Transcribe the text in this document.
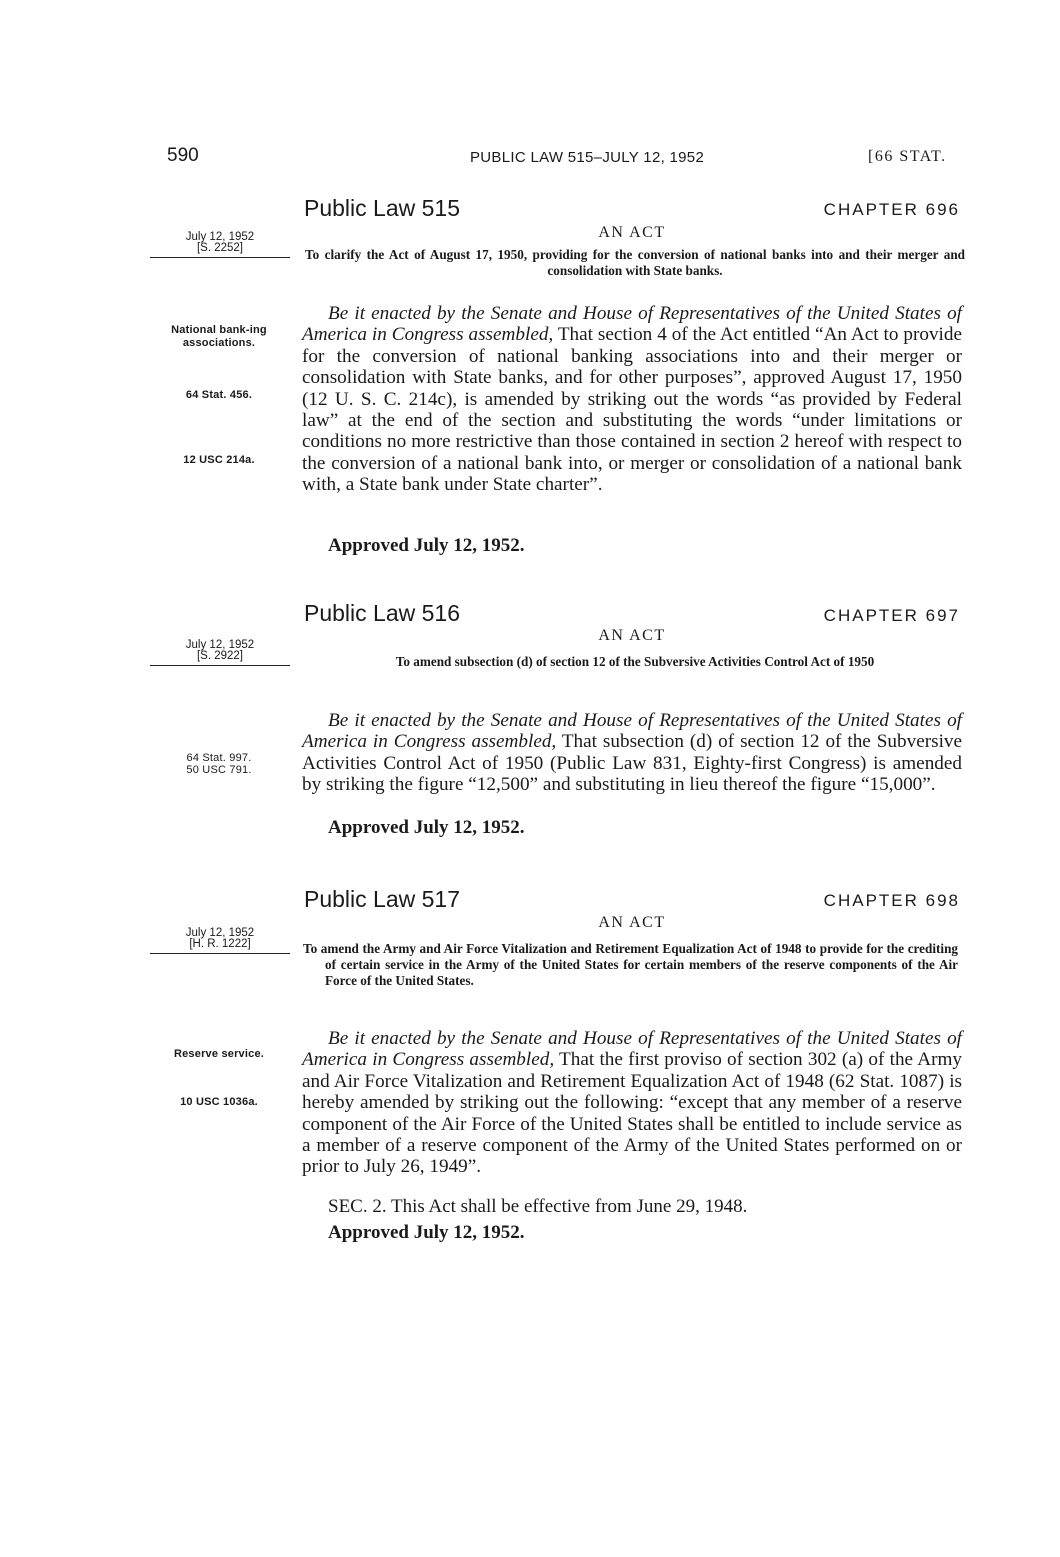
590	PUBLIC LAW 515–JULY 12, 1952	[66 STAT.
Public Law 515	CHAPTER 696
AN ACT
July 12, 1952
[S. 2252]	To clarify the Act of August 17, 1950, providing for the conversion of national banks into and their merger and consolidation with State banks.
National bank-ing associations.
64 Stat. 456.
12 USC 214a.

Be it enacted by the Senate and House of Representatives of the United States of America in Congress assembled, That section 4 of the Act entitled “An Act to provide for the conversion of national banking associations into and their merger or consolidation with State banks, and for other purposes”, approved August 17, 1950 (12 U. S. C. 214c), is amended by striking out the words “as provided by Federal law” at the end of the section and substituting the words “under limitations or conditions no more restrictive than those contained in section 2 hereof with respect to the conversion of a national bank into, or merger or consolidation of a national bank with, a State bank under State charter”.

Approved July 12, 1952.
Public Law 516	CHAPTER 697
AN ACT
July 12, 1952
[S. 2922]	To amend subsection (d) of section 12 of the Subversive Activities Control Act of 1950
64 Stat. 997.
50 USC 791.

Be it enacted by the Senate and House of Representatives of the United States of America in Congress assembled, That subsection (d) of section 12 of the Subversive Activities Control Act of 1950 (Public Law 831, Eighty-first Congress) is amended by striking the figure “12,500” and substituting in lieu thereof the figure “15,000”.

Approved July 12, 1952.
Public Law 517	CHAPTER 698
AN ACT
July 12, 1952
[H. R. 1222]	To amend the Army and Air Force Vitalization and Retirement Equalization Act of 1948 to provide for the crediting of certain service in the Army of the United States for certain members of the reserve components of the Air Force of the United States.
Reserve service.
10 USC 1036a.

Be it enacted by the Senate and House of Representatives of the United States of America in Congress assembled, That the first proviso of section 302 (a) of the Army and Air Force Vitalization and Retirement Equalization Act of 1948 (62 Stat. 1087) is hereby amended by striking out the following: “except that any member of a reserve component of the Air Force of the United States shall be entitled to include service as a member of a reserve component of the Army of the United States performed on or prior to July 26, 1949”.

SEC. 2. This Act shall be effective from June 29, 1948.
Approved July 12, 1952.
